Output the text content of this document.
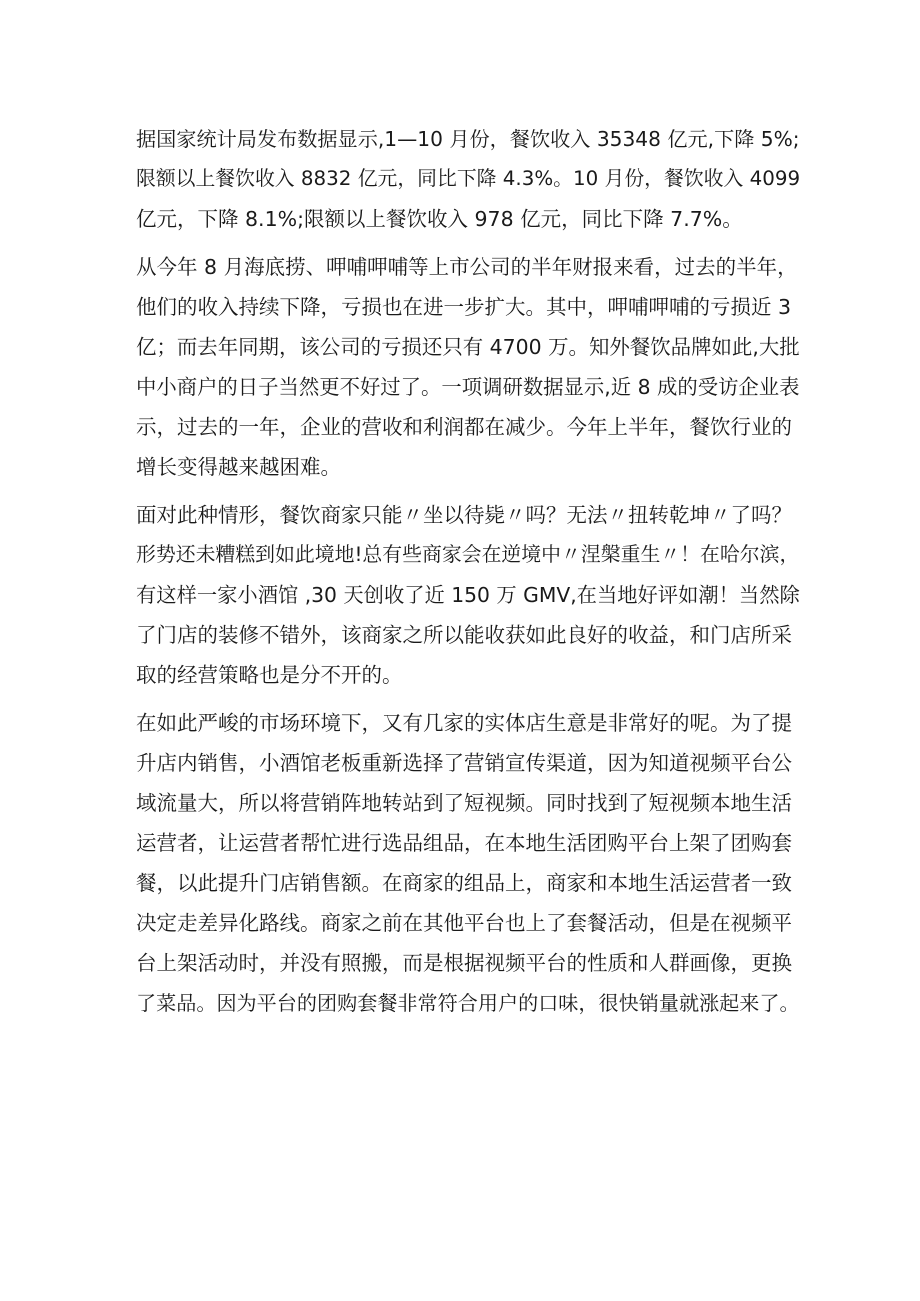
据国家统计局发布数据显示,1—10 月份，餐饮收入 35348 亿元,下降 5%;
限额以上餐饮收入 8832 亿元，同比下降 4.3%。10 月份，餐饮收入 4099
亿元，下降 8.1%;限额以上餐饮收入 978 亿元，同比下降 7.7%。
从今年 8 月海底捞、呷哺呷哺等上市公司的半年财报来看，过去的半年，
他们的收入持续下降，亏损也在进一步扩大。其中，呷哺呷哺的亏损近 3
亿；而去年同期，该公司的亏损还只有 4700 万。知外餐饮品牌如此,大批
中小商户的日子当然更不好过了。一项调研数据显示,近 8 成的受访企业表
示，过去的一年，企业的营收和利润都在减少。今年上半年，餐饮行业的
增长变得越来越困难。
面对此种情形，餐饮商家只能〃坐以待毙〃吗？无法〃扭转乾坤〃了吗？
形势还未糟糕到如此境地!总有些商家会在逆境中〃涅槃重生〃！在哈尔滨，
有这样一家小酒馆 ,30 天创收了近 150 万 GMV,在当地好评如潮！当然除
了门店的装修不错外，该商家之所以能收获如此良好的收益，和门店所采
取的经营策略也是分不开的。
在如此严峻的市场环境下，又有几家的实体店生意是非常好的呢。为了提
升店内销售，小酒馆老板重新选择了营销宣传渠道，因为知道视频平台公
域流量大，所以将营销阵地转站到了短视频。同时找到了短视频本地生活
运营者，让运营者帮忙进行选品组品，在本地生活团购平台上架了团购套
餐，以此提升门店销售额。在商家的组品上，商家和本地生活运营者一致
决定走差异化路线。商家之前在其他平台也上了套餐活动，但是在视频平
台上架活动时，并没有照搬，而是根据视频平台的性质和人群画像，更换
了菜品。因为平台的团购套餐非常符合用户的口味，很快销量就涨起来了。
